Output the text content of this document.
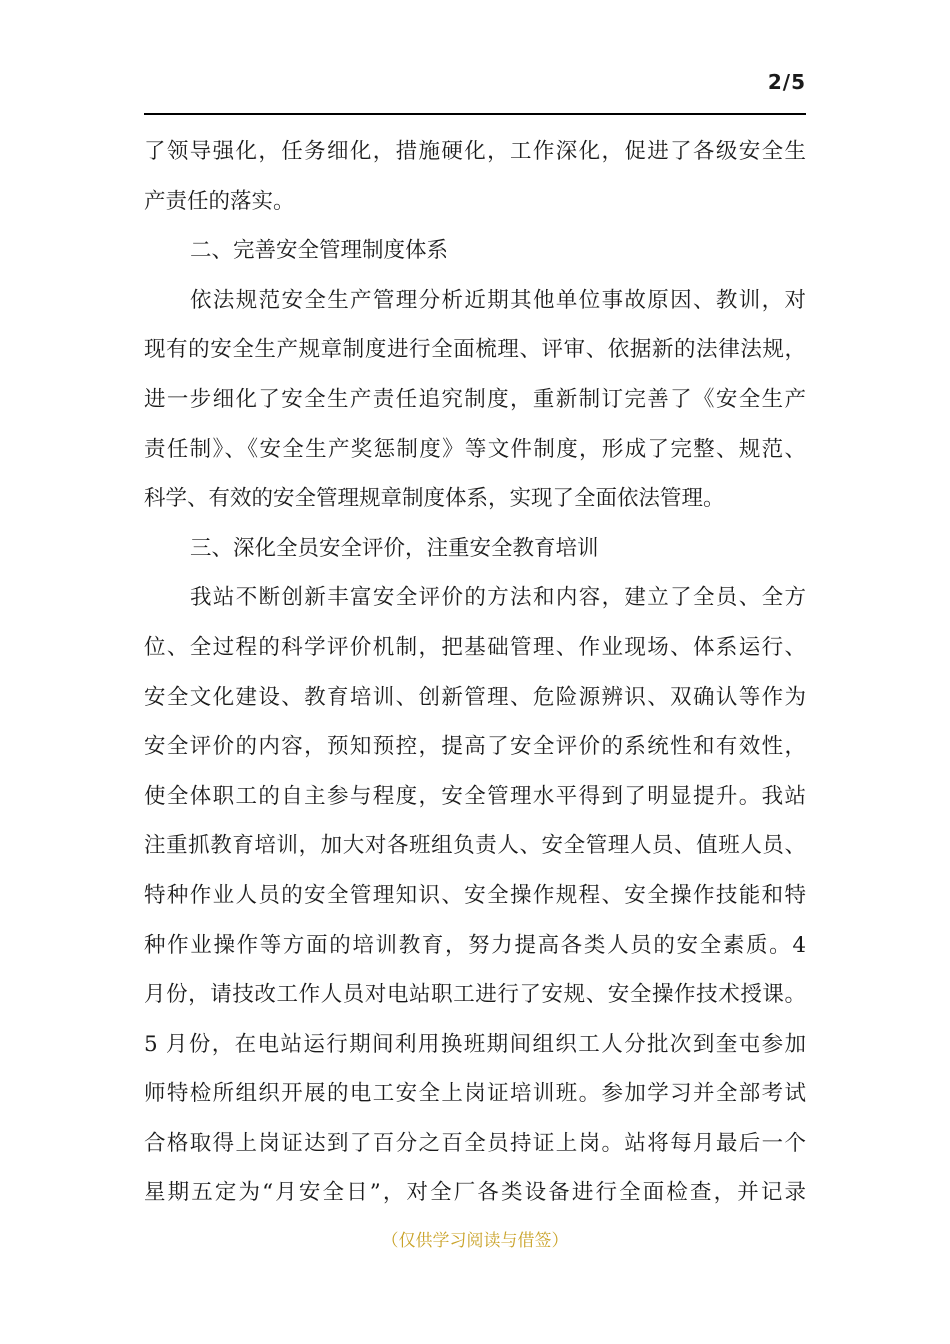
2/5
了领导强化，任务细化，措施硬化，工作深化，促进了各级安全生
产责任的落实。
二、完善安全管理制度体系
依法规范安全生产管理分析近期其他单位事故原因、教训，对
现有的安全生产规章制度进行全面梳理、评审、依据新的法律法规，
进一步细化了安全生产责任追究制度，重新制订完善了《安全生产
责任制》、《安全生产奖惩制度》等文件制度，形成了完整、规范、
科学、有效的安全管理规章制度体系，实现了全面依法管理。
三、深化全员安全评价，注重安全教育培训
我站不断创新丰富安全评价的方法和内容，建立了全员、全方
位、全过程的科学评价机制，把基础管理、作业现场、体系运行、
安全文化建设、教育培训、创新管理、危险源辨识、双确认等作为
安全评价的内容，预知预控，提高了安全评价的系统性和有效性，
使全体职工的自主参与程度，安全管理水平得到了明显提升。我站
注重抓教育培训，加大对各班组负责人、安全管理人员、值班人员、
特种作业人员的安全管理知识、安全操作规程、安全操作技能和特
种作业操作等方面的培训教育，努力提高各类人员的安全素质。4
月份，请技改工作人员对电站职工进行了安规、安全操作技术授课。
5 月份，在电站运行期间利用换班期间组织工人分批次到奎屯参加
师特检所组织开展的电工安全上岗证培训班。参加学习并全部考试
合格取得上岗证达到了百分之百全员持证上岗。站将每月最后一个
星期五定为“月安全日”，对全厂各类设备进行全面检查，并记录
（仅供学习阅读与借签）
